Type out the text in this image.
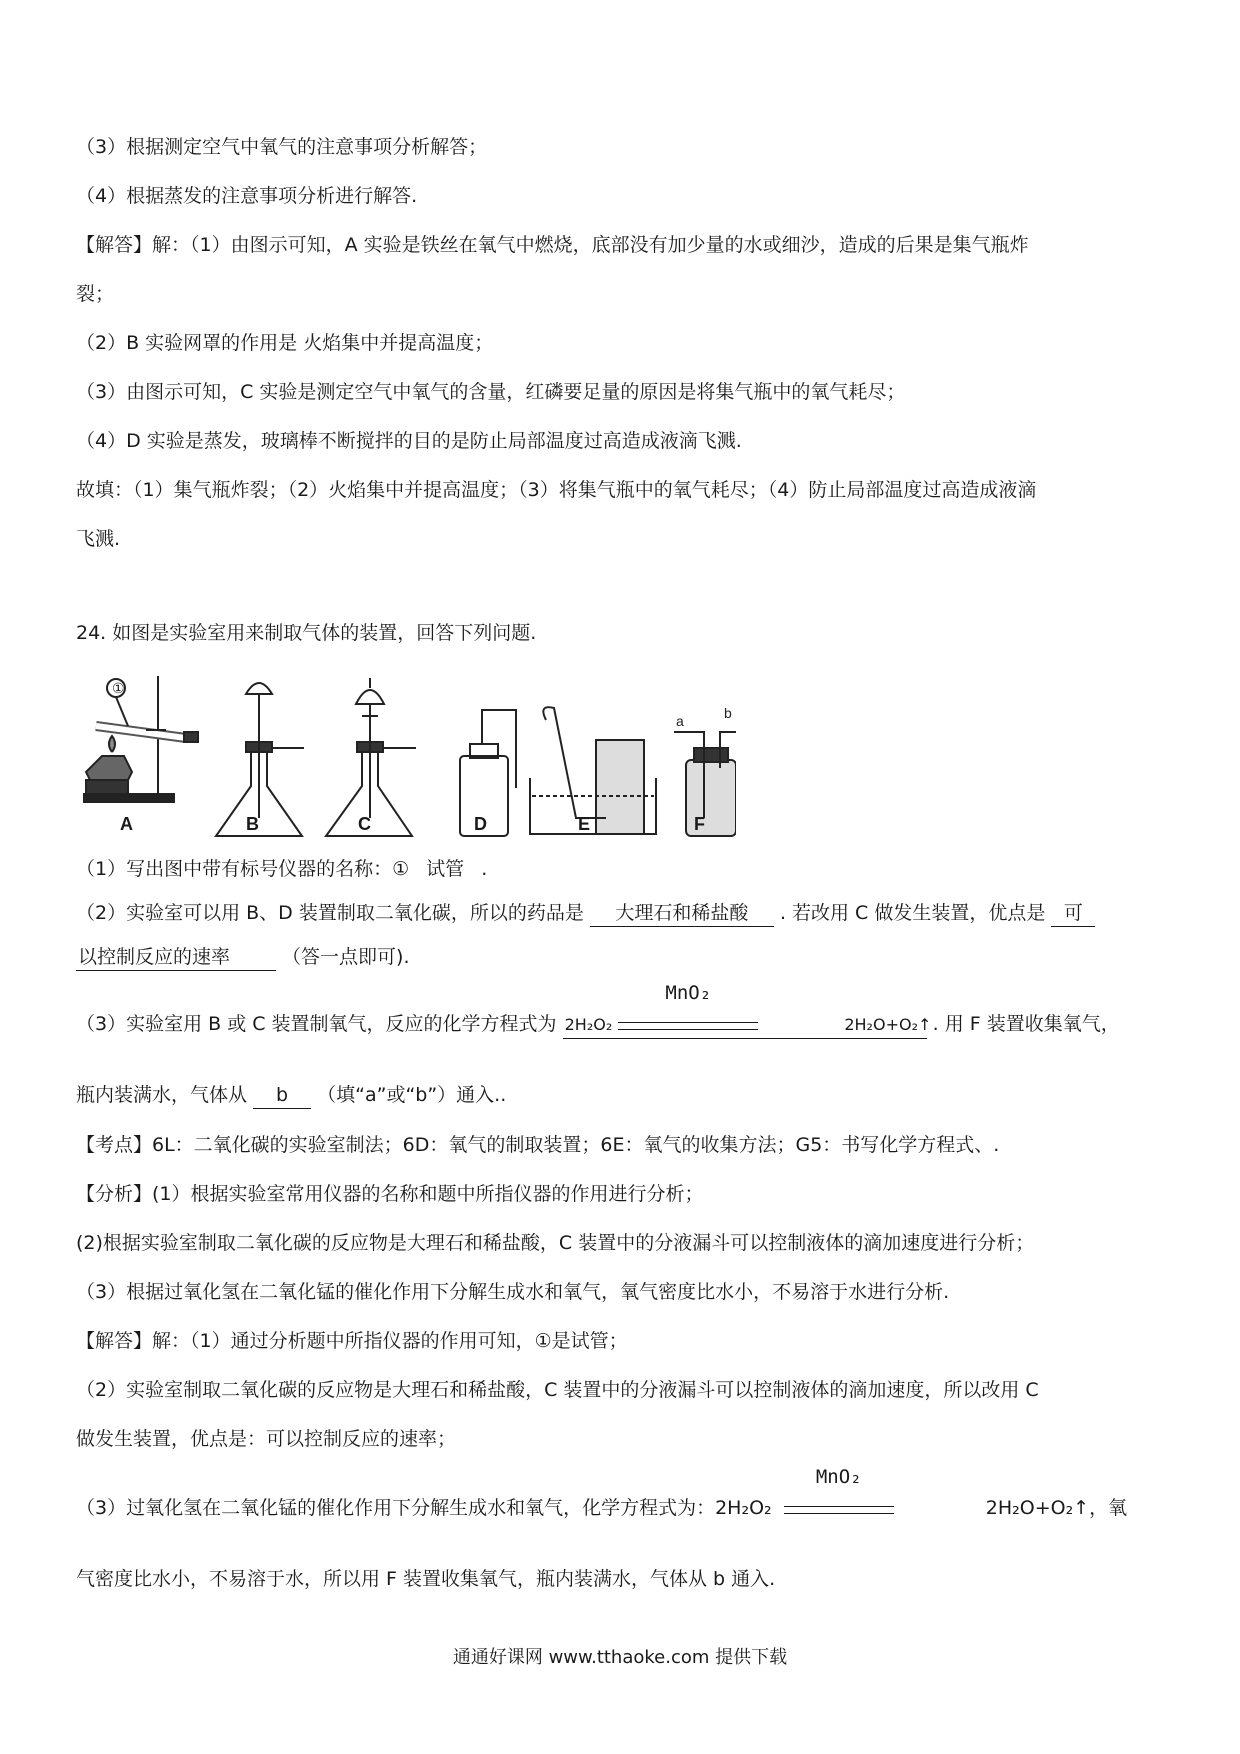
（3）根据测定空气中氧气的注意事项分析解答；
（4）根据蒸发的注意事项分析进行解答.
【解答】解：（1）由图示可知，A 实验是铁丝在氧气中燃烧，底部没有加少量的水或细沙，造成的后果是集气瓶炸
裂；
（2）B 实验网罩的作用是 火焰集中并提高温度；
（3）由图示可知，C 实验是测定空气中氧气的含量，红磷要足量的原因是将集气瓶中的氧气耗尽；
（4）D 实验是蒸发，玻璃棒不断搅拌的目的是防止局部温度过高造成液滴飞溅.
故填：（1）集气瓶炸裂；（2）火焰集中并提高温度；（3）将集气瓶中的氧气耗尽；（4）防止局部温度过高造成液滴
飞溅.
24. 如图是实验室用来制取气体的装置，回答下列问题.
①
a	b
A	B	C	D	E	F
（1）写出图中带有标号仪器的名称：① 试管 .
（2）实验室可以用 B、D 装置制取二氧化碳，所以的药品是 大理石和稀盐酸 . 若改用 C 做发生装置，优点是 可
以控制反应的速率	（答一点即可).
（3）实验室用 B 或 C 装置制氧气，反应的化学方程式为 2H₂O₂
MnO₂
2H₂O+O₂↑ . 用 F 装置收集氧气，
瓶内装满水，气体从 b （填“a”或“b”）通入..
【考点】6L：二氧化碳的实验室制法；6D：氧气的制取装置；6E：氧气的收集方法；G5：书写化学方程式、.
【分析】(1）根据实验室常用仪器的名称和题中所指仪器的作用进行分析；
(2)根据实验室制取二氧化碳的反应物是大理石和稀盐酸，C 装置中的分液漏斗可以控制液体的滴加速度进行分析；
（3）根据过氧化氢在二氧化锰的催化作用下分解生成水和氧气，氧气密度比水小，不易溶于水进行分析.
【解答】解：（1）通过分析题中所指仪器的作用可知，①是试管；
（2）实验室制取二氧化碳的反应物是大理石和稀盐酸，C 装置中的分液漏斗可以控制液体的滴加速度，所以改用 C
做发生装置，优点是：可以控制反应的速率；
（3）过氧化氢在二氧化锰的催化作用下分解生成水和氧气，化学方程式为：2H₂O₂
MnO₂
2H₂O+O₂↑，氧
气密度比水小，不易溶于水，所以用 F 装置收集氧气，瓶内装满水，气体从 b 通入.
通通好课网 www.tthaoke.com 提供下载
